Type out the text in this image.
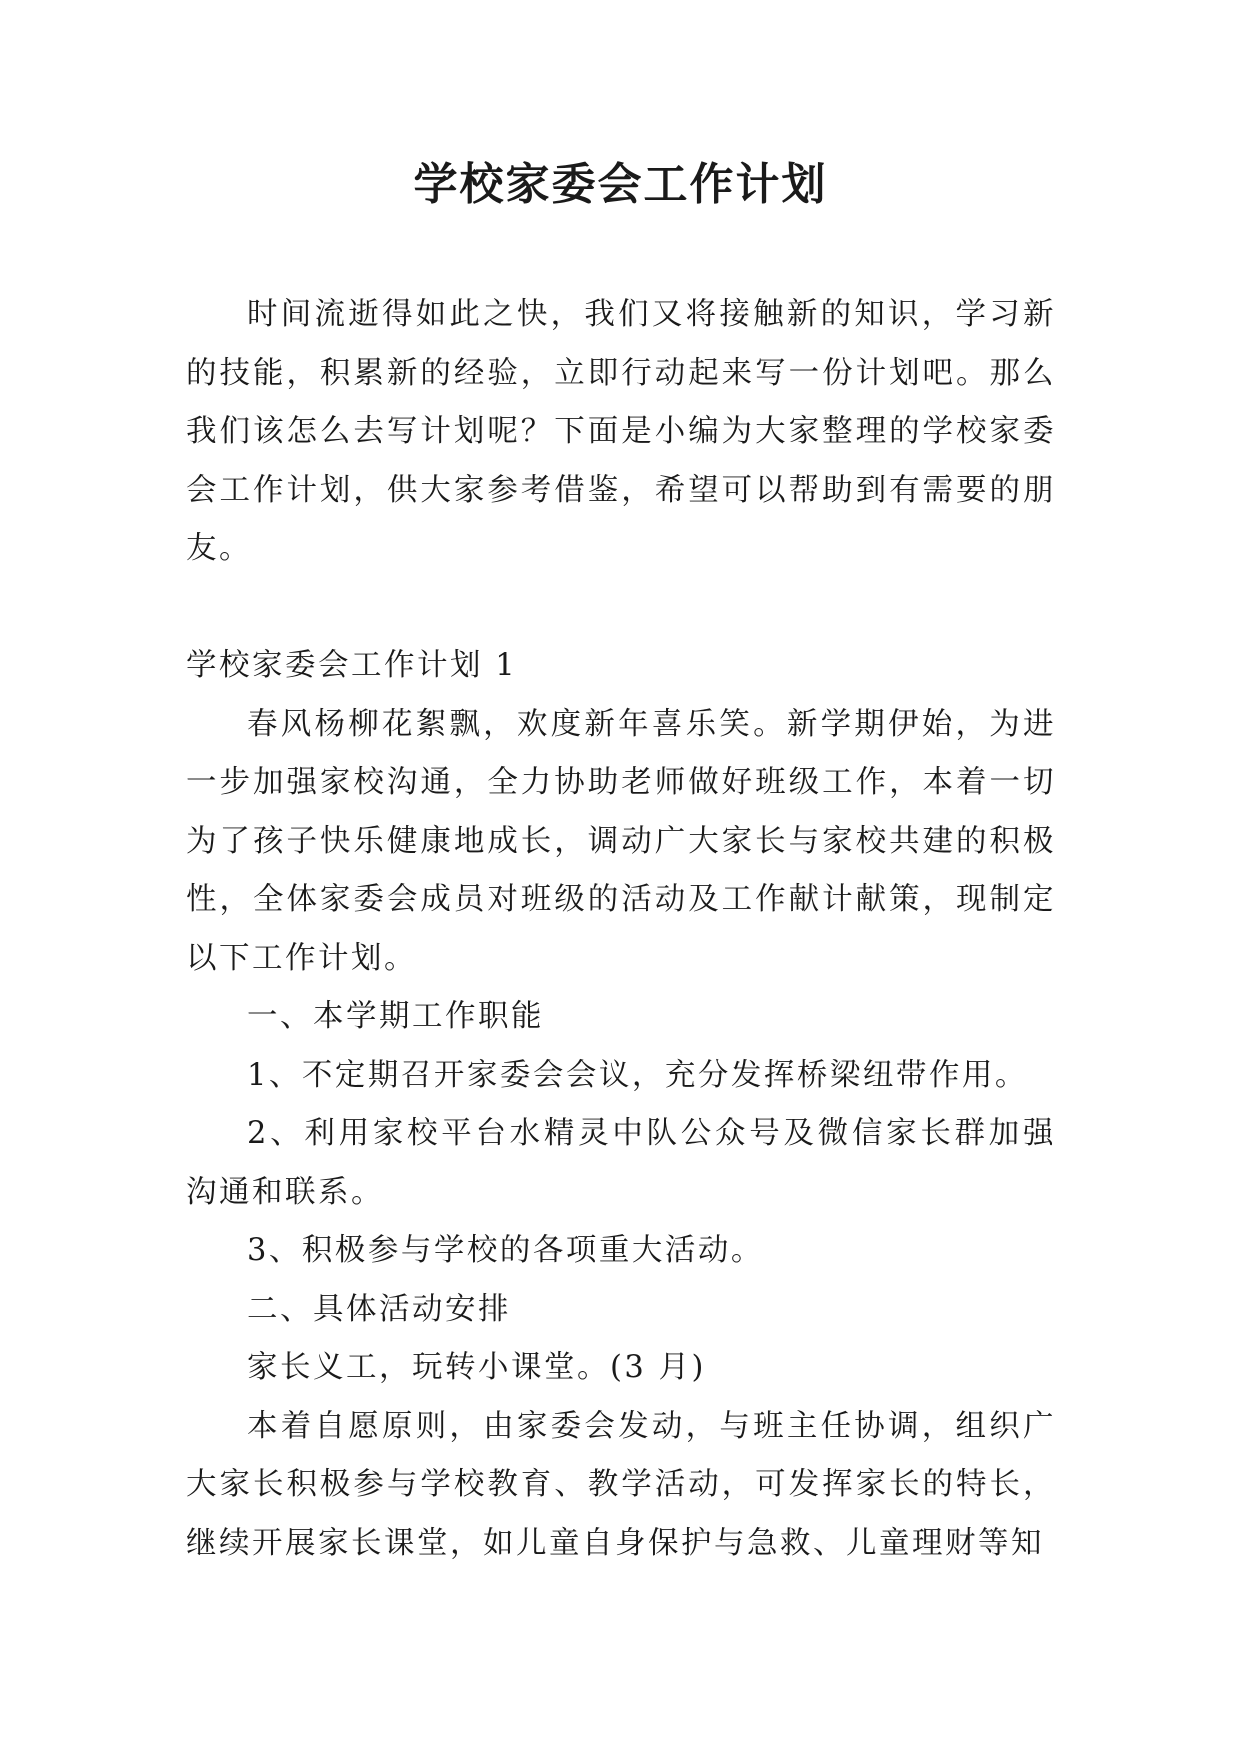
学校家委会工作计划

时间流逝得如此之快，我们又将接触新的知识，学习新的技能，积累新的经验，立即行动起来写一份计划吧。那么我们该怎么去写计划呢？下面是小编为大家整理的学校家委会工作计划，供大家参考借鉴，希望可以帮助到有需要的朋友。

学校家委会工作计划 1

春风杨柳花絮飘，欢度新年喜乐笑。新学期伊始，为进一步加强家校沟通，全力协助老师做好班级工作，本着一切为了孩子快乐健康地成长，调动广大家长与家校共建的积极性，全体家委会成员对班级的活动及工作献计献策，现制定以下工作计划。

一、本学期工作职能

1、不定期召开家委会会议，充分发挥桥梁纽带作用。

2、利用家校平台水精灵中队公众号及微信家长群加强沟通和联系。

3、积极参与学校的各项重大活动。

二、具体活动安排

家长义工，玩转小课堂。(3 月)

本着自愿原则，由家委会发动，与班主任协调，组织广大家长积极参与学校教育、教学活动，可发挥家长的特长，继续开展家长课堂，如儿童自身保护与急救、儿童理财等知
